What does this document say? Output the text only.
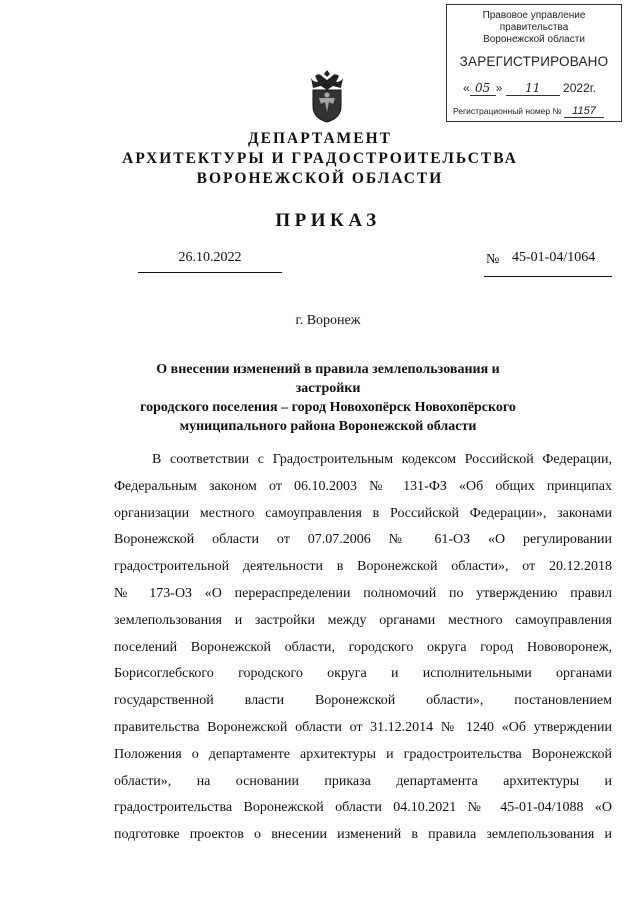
Правовое управление правительства
Воронежской области
ЗАРЕГИСТРИРОВАНО
« 05 » 11 2022г.
Регистрационный номер № 1157
ДЕПАРТАМЕНТ
АРХИТЕКТУРЫ И ГРАДОСТРОИТЕЛЬСТВА
ВОРОНЕЖСКОЙ ОБЛАСТИ
ПРИКАЗ
26.10.2022	№ 45-01-04/1064
г. Воронеж
О внесении изменений в правила землепользования и застройки
городского поселения – город Новохопёрск Новохопёрского
муниципального района Воронежской области
В соответствии с Градостроительным кодексом Российской Федерации,
Федеральным законом от 06.10.2003 № 131-ФЗ «Об общих принципах
организации местного самоуправления в Российской Федерации», законами
Воронежской области от 07.07.2006 № 61-ОЗ «О регулировании
градостроительной деятельности в Воронежской области», от 20.12.2018
№ 173-ОЗ «О перераспределении полномочий по утверждению правил
землепользования и застройки между органами местного самоуправления
поселений Воронежской области, городского округа город Нововоронеж,
Борисоглебского городского округа и исполнительными органами
государственной власти Воронежской области», постановлением
правительства Воронежской области от 31.12.2014 № 1240 «Об утверждении
Положения о департаменте архитектуры и градостроительства Воронежской
области», на основании приказа департамента архитектуры и
градостроительства Воронежской области 04.10.2021 № 45-01-04/1088 «О
подготовке проектов о внесении изменений в правила землепользования и
